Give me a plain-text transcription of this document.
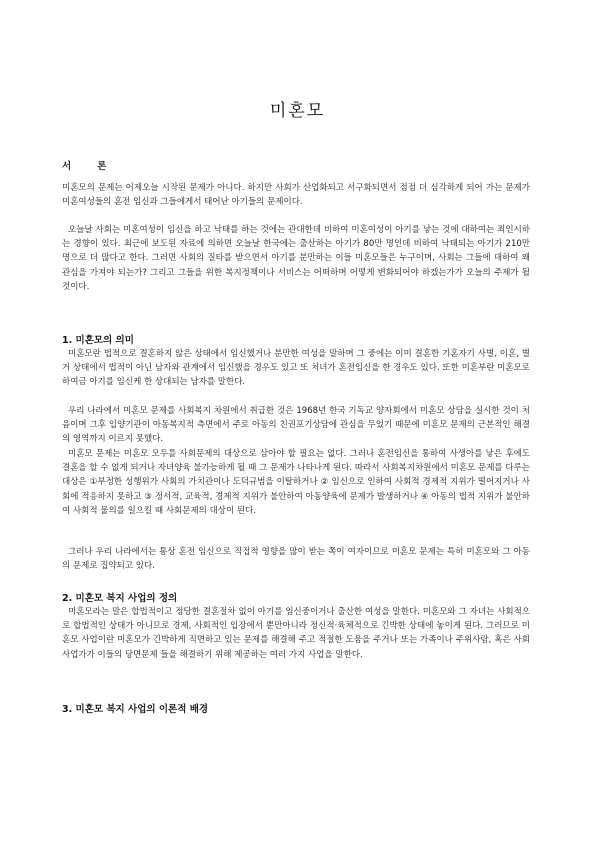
미혼모
서	론

미혼모의 문제는 어제오늘 시작된 문제가 아니다. 하지만 사회가 산업화되고 서구화되면서 점점 더 심각하게 되어 가는 문제가 미혼여성들의 혼전 임신과 그들에게서 태어난 아기들의 문제이다.

오늘날 사회는 미혼여성이 임신을 하고 낙태를 하는 것에는 관대한데 비하여 미혼여성이 아기를 낳는 것에 대하여는 죄인시하는 경향이 있다. 최근에 보도된 자료에 의하면 오늘날 한국에는 출산하는 아기가 80만 명인데 비하여 낙태되는 아기가 210만 명으로 더 많다고 한다. 그러면 사회의 질타를 받으면서 아기를 분만하는 이들 미혼모들은 누구이며, 사회는 그들에 대하여 왜 관심을 가져야 되는가? 그리고 그들을 위한 복지정책이나 서비스는 어떠하며 어떻게 변화되어야 하겠는가가 오늘의 주제가 될 것이다.

1. 미혼모의 의미

미혼모란 법적으로 결혼하지 않은 상태에서 임신했거나 분만한 여성을 말하며 그 중에는 이미 결혼한 기혼자기 사별, 이혼, 별거 상태에서 법적이 아닌 남자와 관계에서 임신했을 경우도 있고 또 처녀가 혼전임신을 한 경우도 있다. 또한 미혼부란 미혼모로 하여금 아기를 임신케 한 상대되는 남자를 말한다.

우리 나라에서 미혼모 문제를 사회복지 차원에서 취급한 것은 1968년 한국 기독교 양자회에서 미혼모 상담을 실시한 것이 처음이며 그후 입양기관이 아동복지적 측면에서 주로 아동의 친권포기상담에 관심을 두었기 때문에 미혼모 문제의 근본적인 해결의 영역까지 이르지 못했다.

미혼모 문제는 미혼모 모두를 사회문제의 대상으로 삼아야 할 필요는 없다. 그러나 혼전임신을 통하여 사생아를 낳은 후에도 결혼을 할 수 없게 되거나 자녀양육 불가능하게 될 때 그 문제가 나타나게 된다. 따라서 사회복지차원에서 미혼모 문제를 다루는 대상은 ①부정한 성행위가 사회의 가치관이나 도덕규범을 이탈하거나 ② 임신으로 인하여 사회적 경제적 지위가 떨어지거나 사회에 적응하지 못하고 ③ 정서적, 교육적, 경제적 지위가 불안하여 아동양육에 문제가 발생하거나 ④ 아동의 법적 지위가 불안하여 사회적 물의를 일으킬 때 사회문제의 대상이 된다.

그러나 우리 나라에서는 통상 혼전 임신으로 직접적 영향을 많이 받는 쪽이 여자이므로 미혼모 문제는 특히 미혼모와 그 아동의 문제로 집약되고 있다.

2. 미혼모 복지 사업의 정의

미혼모라는 말은 합법적이고 정당한 결혼절차 없이 아기를 임신중이거나 출산한 여성을 말한다. 미혼모와 그 자녀는 사회적으로 합법적인 상태가 아니므로 경제, 사회적인 입장에서 뿐만아니라 정신적·육체적으로 긴박한 상태에 놓이게 된다. 그러므로 미혼모 사업이란 미혼모가 긴박하게 직면하고 있는 문제를 해결해 주고 적절한 도움을 주거나 또는 가족이나 주위사람, 혹은 사회사업가가 이들의 당면문제 들을 해결하기 위해 제공하는 여러 가지 사업을 말한다.

3. 미혼모 복지 사업의 이론적 배경
